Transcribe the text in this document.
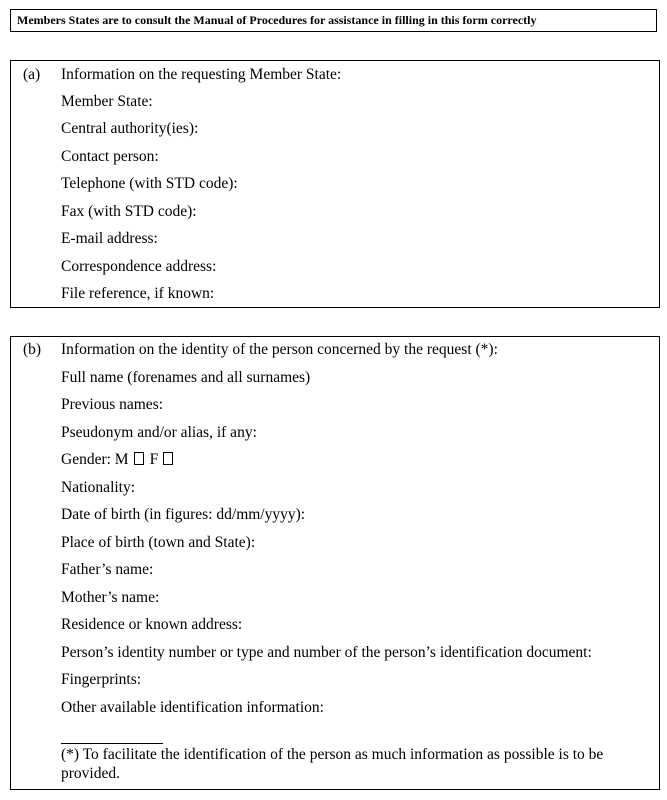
Members States are to consult the Manual of Procedures for assistance in filling in this form correctly
(a) Information on the requesting Member State:
Member State:
Central authority(ies):
Contact person:
Telephone (with STD code):
Fax (with STD code):
E-mail address:
Correspondence address:
File reference, if known:
(b) Information on the identity of the person concerned by the request (*):
Full name (forenames and all surnames)
Previous names:
Pseudonym and/or alias, if any:
Gender: M F
Nationality:
Date of birth (in figures: dd/mm/yyyy):
Place of birth (town and State):
Father’s name:
Mother’s name:
Residence or known address:
Person’s identity number or type and number of the person’s identification document:
Fingerprints:
Other available identification information:
(*) To facilitate the identification of the person as much information as possible is to be provided.
